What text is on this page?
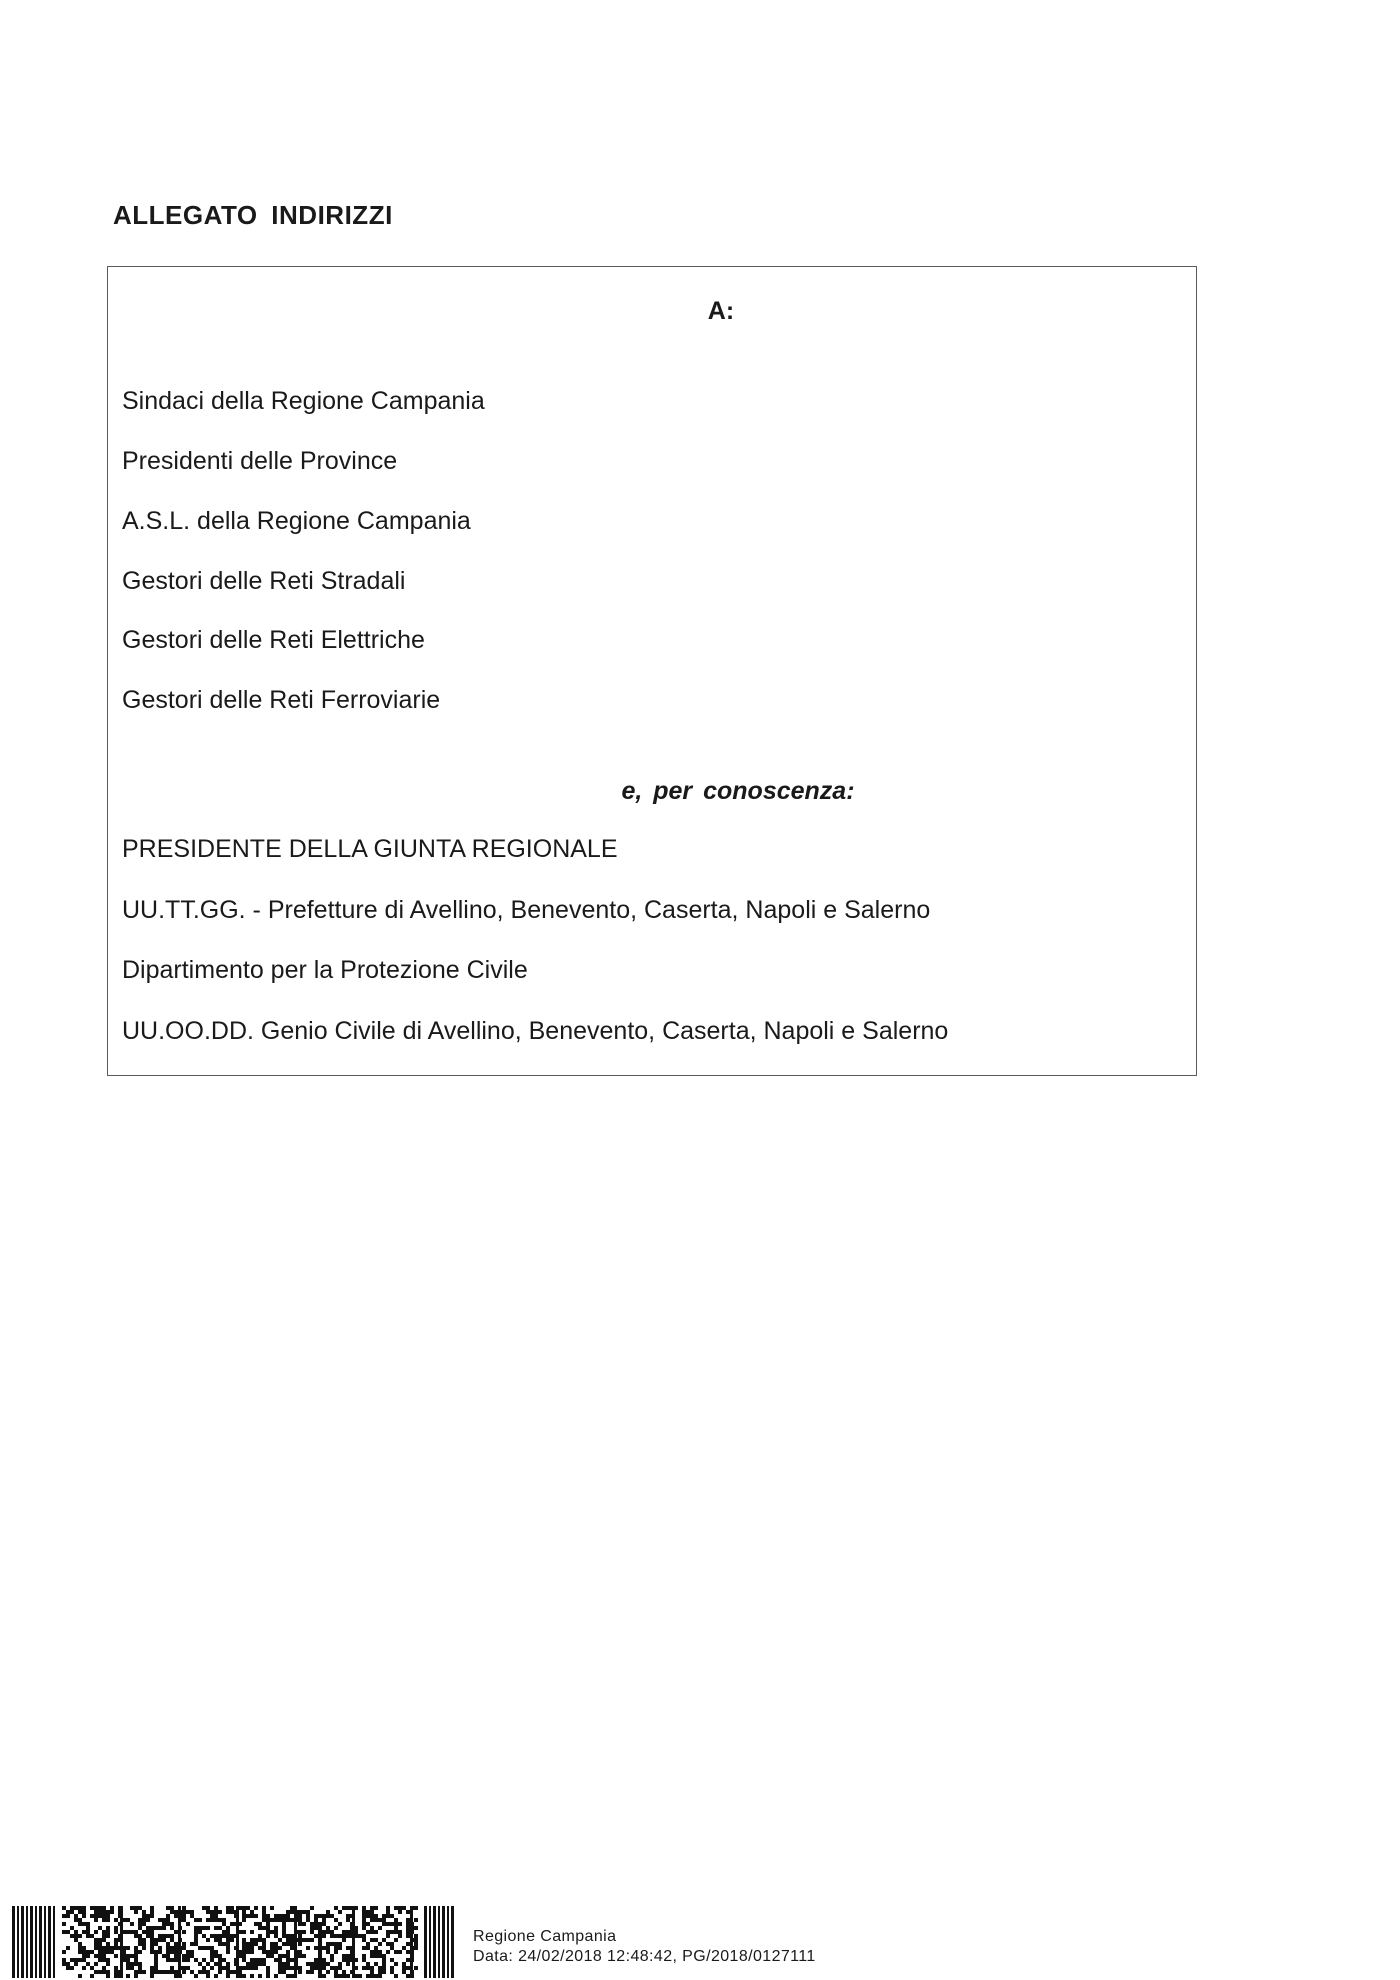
ALLEGATO INDIRIZZI
A:
Sindaci della Regione Campania
Presidenti delle Province
A.S.L. della Regione Campania
Gestori delle Reti Stradali
Gestori delle Reti Elettriche
Gestori delle Reti Ferroviarie
e, per conoscenza:
PRESIDENTE DELLA GIUNTA REGIONALE
UU.TT.GG. - Prefetture di Avellino, Benevento, Caserta, Napoli e Salerno
Dipartimento per la Protezione Civile
UU.OO.DD. Genio Civile di Avellino, Benevento, Caserta, Napoli e Salerno
Regione Campania
Data: 24/02/2018 12:48:42, PG/2018/0127111
